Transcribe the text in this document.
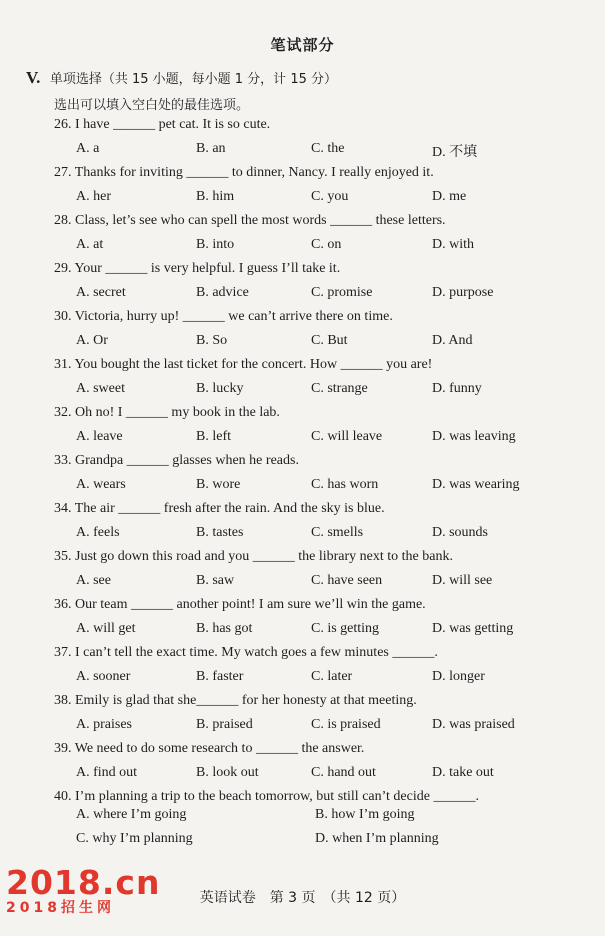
笔试部分
V. 单项选择（共 15 小题，每小题 1 分，计 15 分）
选出可以填入空白处的最佳选项。
26. I have ______ pet cat. It is so cute.
A. a	B. an	C. the	D. 不填
27. Thanks for inviting ______ to dinner, Nancy. I really enjoyed it.
A. her	B. him	C. you	D. me
28. Class, let’s see who can spell the most words ______ these letters.
A. at	B. into	C. on	D. with
29. Your ______ is very helpful. I guess I’ll take it.
A. secret	B. advice	C. promise	D. purpose
30. Victoria, hurry up! ______ we can’t arrive there on time.
A. Or	B. So	C. But	D. And
31. You bought the last ticket for the concert. How ______ you are!
A. sweet	B. lucky	C. strange	D. funny
32. Oh no! I ______ my book in the lab.
A. leave	B. left	C. will leave	D. was leaving
33. Grandpa ______ glasses when he reads.
A. wears	B. wore	C. has worn	D. was wearing
34. The air ______ fresh after the rain. And the sky is blue.
A. feels	B. tastes	C. smells	D. sounds
35. Just go down this road and you ______ the library next to the bank.
A. see	B. saw	C. have seen	D. will see
36. Our team ______ another point! I am sure we’ll win the game.
A. will get	B. has got	C. is getting	D. was getting
37. I can’t tell the exact time. My watch goes a few minutes ______.
A. sooner	B. faster	C. later	D. longer
38. Emily is glad that she______ for her honesty at that meeting.
A. praises	B. praised	C. is praised	D. was praised
39. We need to do some research to ______ the answer.
A. find out	B. look out	C. hand out	D. take out
40. I’m planning a trip to the beach tomorrow, but still can’t decide ______.
A. where I’m going	B. how I’m going
C. why I’m planning	D. when I’m planning
英语试卷　第 3 页　（共 12 页）
2018.cn
2018招生网
